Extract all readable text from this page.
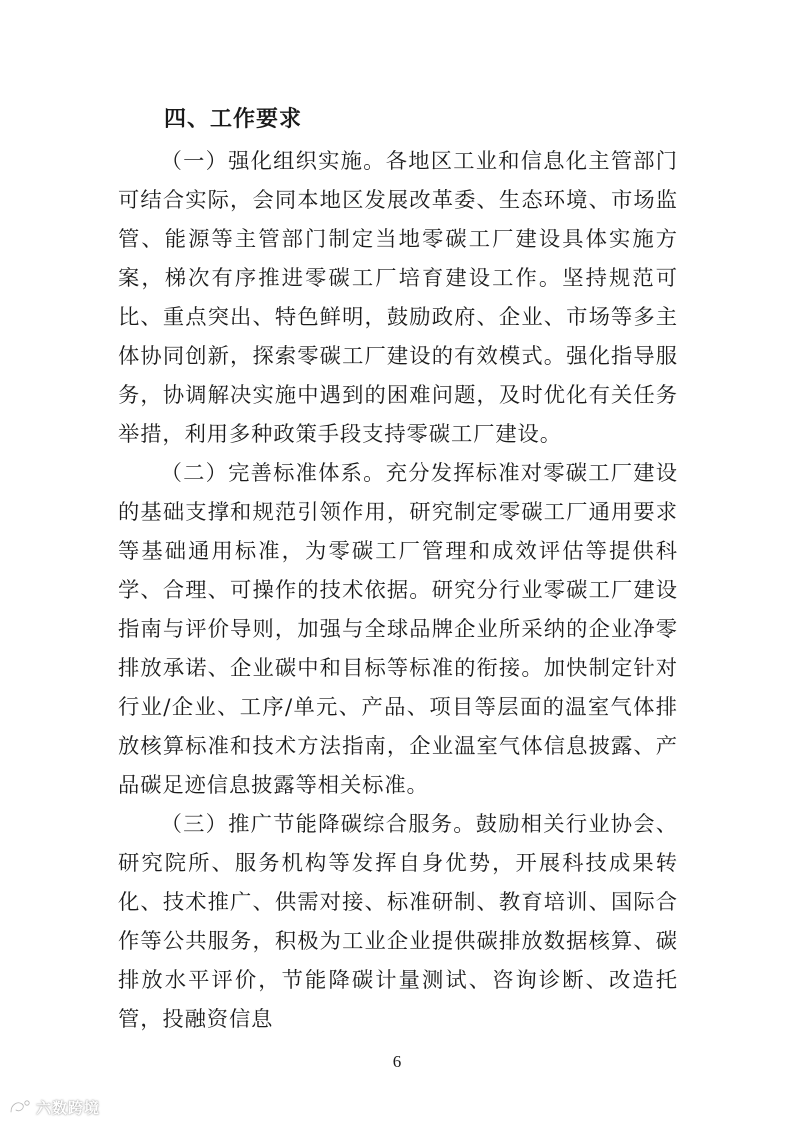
四、工作要求

（一）强化组织实施。各地区工业和信息化主管部门可结合实际，会同本地区发展改革委、生态环境、市场监管、能源等主管部门制定当地零碳工厂建设具体实施方案，梯次有序推进零碳工厂培育建设工作。坚持规范可比、重点突出、特色鲜明，鼓励政府、企业、市场等多主体协同创新，探索零碳工厂建设的有效模式。强化指导服务，协调解决实施中遇到的困难问题，及时优化有关任务举措，利用多种政策手段支持零碳工厂建设。

（二）完善标准体系。充分发挥标准对零碳工厂建设的基础支撑和规范引领作用，研究制定零碳工厂通用要求等基础通用标准，为零碳工厂管理和成效评估等提供科学、合理、可操作的技术依据。研究分行业零碳工厂建设指南与评价导则，加强与全球品牌企业所采纳的企业净零排放承诺、企业碳中和目标等标准的衔接。加快制定针对行业/企业、工序/单元、产品、项目等层面的温室气体排放核算标准和技术方法指南，企业温室气体信息披露、产品碳足迹信息披露等相关标准。

（三）推广节能降碳综合服务。鼓励相关行业协会、研究院所、服务机构等发挥自身优势，开展科技成果转化、技术推广、供需对接、标准研制、教育培训、国际合作等公共服务，积极为工业企业提供碳排放数据核算、碳排放水平评价，节能降碳计量测试、咨询诊断、改造托管，投融资信息

6
六数跨境
